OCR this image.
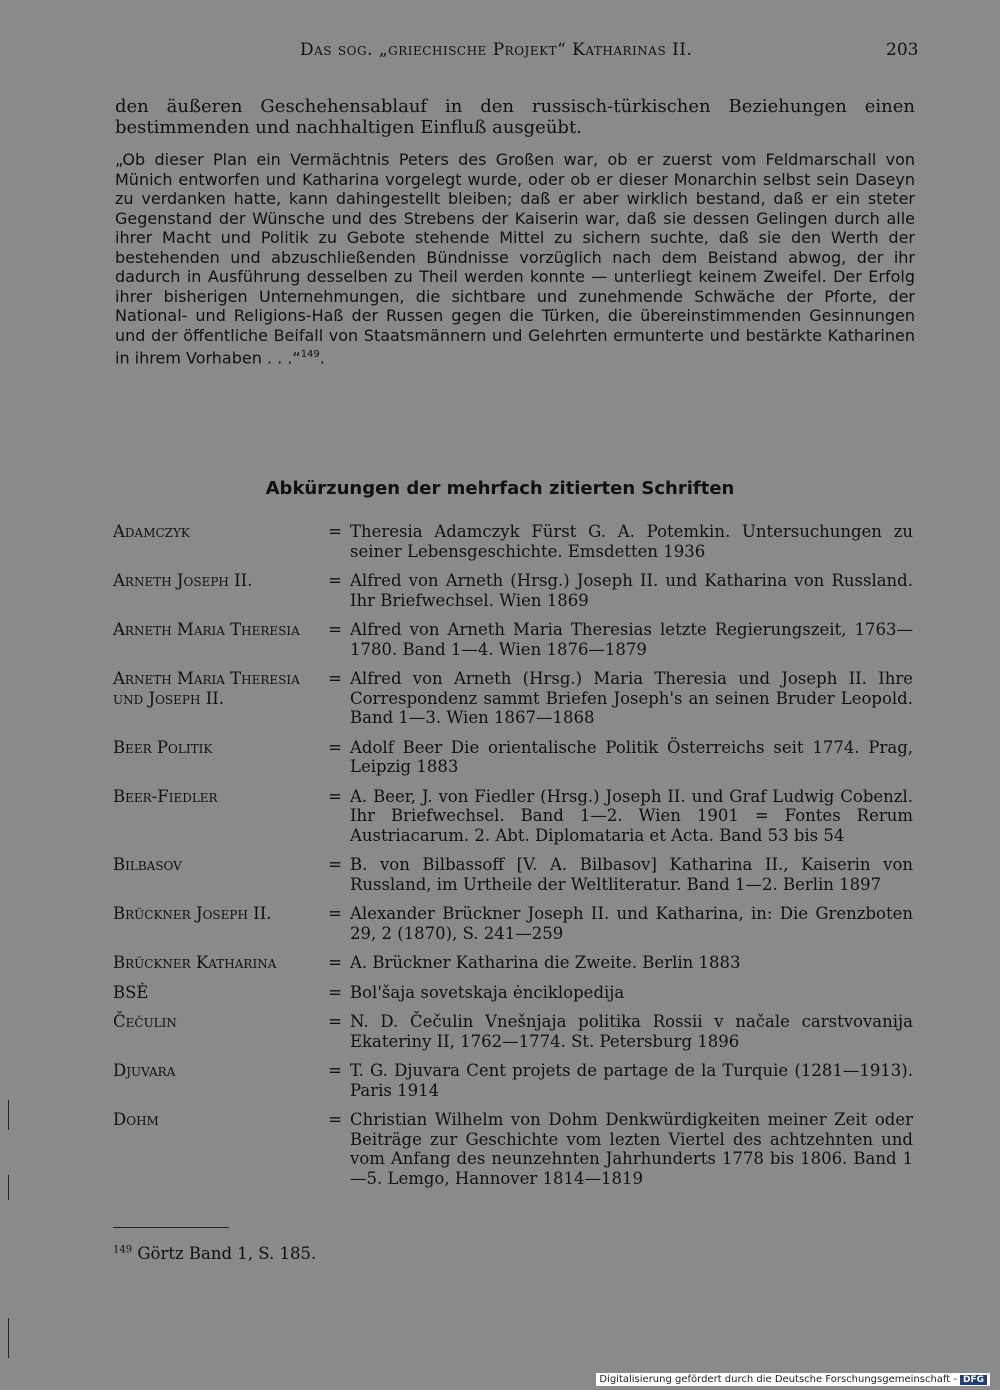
Das sog. „griechische Projekt“ Katharinas II.	203

den äußeren Geschehensablauf in den russisch-türkischen Beziehungen einen bestimmenden und nachhaltigen Einfluß ausgeübt.

„Ob dieser Plan ein Vermächtnis Peters des Großen war, ob er zuerst vom Feldmarschall von Münich entworfen und Katharina vorgelegt wurde, oder ob er dieser Monarchin selbst sein Daseyn zu verdanken hatte, kann dahingestellt bleiben; daß er aber wirklich bestand, daß er ein steter Gegenstand der Wünsche und des Strebens der Kaiserin war, daß sie dessen Gelingen durch alle ihrer Macht und Politik zu Gebote stehende Mittel zu sichern suchte, daß sie den Werth der bestehenden und abzuschließenden Bündnisse vorzüglich nach dem Beistand abwog, der ihr dadurch in Ausführung desselben zu Theil werden konnte — unterliegt keinem Zweifel. Der Erfolg ihrer bisherigen Unternehmungen, die sichtbare und zunehmende Schwäche der Pforte, der National- und Religions-Haß der Russen gegen die Türken, die übereinstimmenden Gesinnungen und der öffentliche Beifall von Staatsmännern und Gelehrten ermunterte und bestärkte Katharinen in ihrem Vorhaben . . .“$^{149}$.

Abkürzungen der mehrfach zitierten Schriften
Adamczyk	= Theresia Adamczyk Fürst G. A. Potemkin. Untersuchungen zu seiner Lebensgeschichte. Emsdetten 1936
Arneth Joseph II.	= Alfred von Arneth (Hrsg.) Joseph II. und Katharina von Russland. Ihr Briefwechsel. Wien 1869
Arneth Maria Theresia	= Alfred von Arneth Maria Theresias letzte Regierungszeit, 1763—1780. Band 1—4. Wien 1876—1879
Arneth Maria Theresia und Joseph II.
= Alfred von Arneth (Hrsg.) Maria Theresia und Joseph II. Ihre Correspondenz sammt Briefen Joseph's an seinen Bruder Leopold. Band 1—3. Wien 1867—1868
Beer Politik	= Adolf Beer Die orientalische Politik Österreichs seit 1774. Prag, Leipzig 1883
Beer-Fiedler	= A. Beer, J. von Fiedler (Hrsg.) Joseph II. und Graf Ludwig Cobenzl. Ihr Briefwechsel. Band 1—2. Wien 1901 = Fontes Rerum Austriacarum. 2. Abt. Diplomataria et Acta. Band 53 bis 54
Bilbasov	= B. von Bilbassoff [V. A. Bilbasov] Katharina II., Kaiserin von Russland, im Urtheile der Weltliteratur. Band 1—2. Berlin 1897
Brückner Joseph II.	= Alexander Brückner Joseph II. und Katharina, in: Die Grenzboten 29, 2 (1870), S. 241—259
Brückner Katharina	= A. Brückner Katharina die Zweite. Berlin 1883
BSĖ	= Bol'šaja sovetskaja ėnciklopedija
Čečulin	= N. D. Čečulin Vnešnjaja politika Rossii v načale carstvovanija Ekateriny II, 1762—1774. St. Petersburg 1896
Djuvara	= T. G. Djuvara Cent projets de partage de la Turquie (1281—1913). Paris 1914
Dohm	= Christian Wilhelm von Dohm Denkwürdigkeiten meiner Zeit oder Beiträge zur Geschichte vom lezten Viertel des achtzehnten und vom Anfang des neunzehnten Jahrhunderts 1778 bis 1806. Band 1—5. Lemgo, Hannover 1814—1819
$^{149}$ Görtz Band 1, S. 185.
Digitalisierung gefördert durch die Deutsche Forschungsgemeinschaft - DFG
